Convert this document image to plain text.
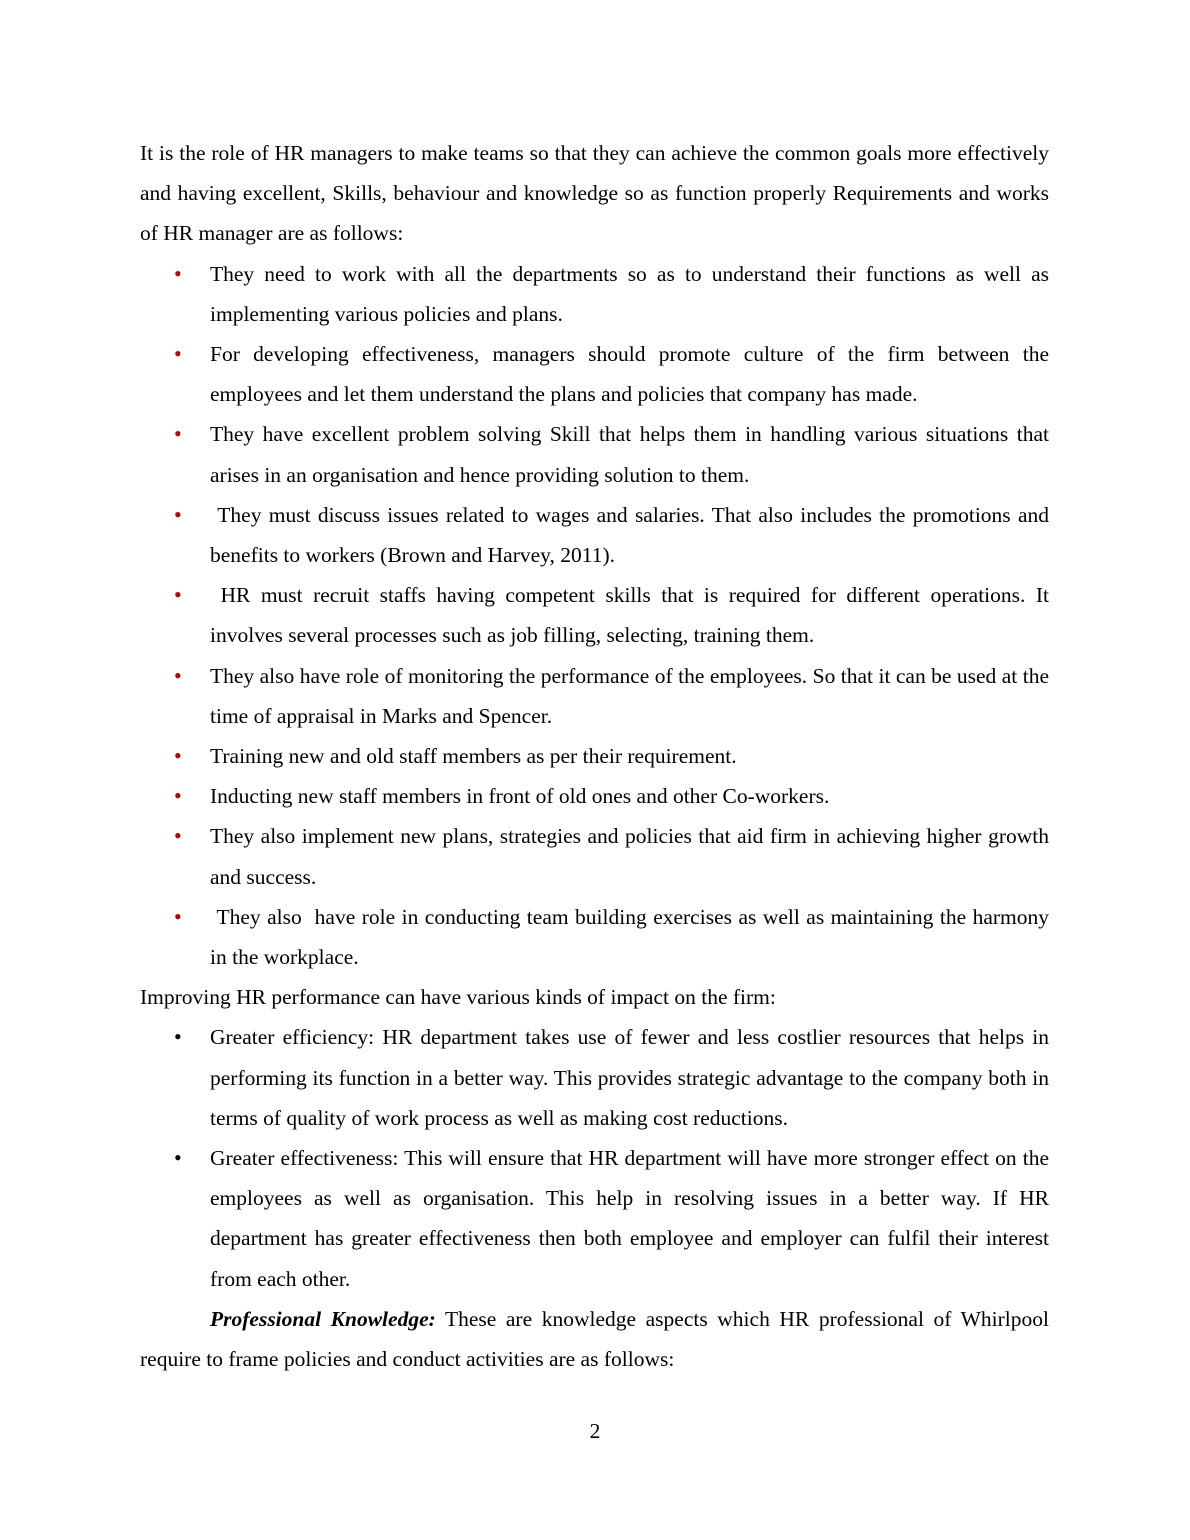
It is the role of HR managers to make teams so that they can achieve the common goals more effectively and having excellent, Skills, behaviour and knowledge so as function properly Requirements and works of HR manager are as follows:

• They need to work with all the departments so as to understand their functions as well as implementing various policies and plans.
• For developing effectiveness, managers should promote culture of the firm between the employees and let them understand the plans and policies that company has made.
• They have excellent problem solving Skill that helps them in handling various situations that arises in an organisation and hence providing solution to them.
• They must discuss issues related to wages and salaries. That also includes the promotions and benefits to workers (Brown and Harvey, 2011).
• HR must recruit staffs having competent skills that is required for different operations. It involves several processes such as job filling, selecting, training them.
• They also have role of monitoring the performance of the employees. So that it can be used at the time of appraisal in Marks and Spencer.
• Training new and old staff members as per their requirement.
• Inducting new staff members in front of old ones and other Co-workers.
• They also implement new plans, strategies and policies that aid firm in achieving higher growth and success.
• They also  have role in conducting team building exercises as well as maintaining the harmony in the workplace.

Improving HR performance can have various kinds of impact on the firm:

• Greater efficiency: HR department takes use of fewer and less costlier resources that helps in performing its function in a better way. This provides strategic advantage to the company both in terms of quality of work process as well as making cost reductions.
• Greater effectiveness: This will ensure that HR department will have more stronger effect on the employees as well as organisation. This help in resolving issues in a better way. If HR department has greater effectiveness then both employee and employer can fulfil their interest from each other.

Professional Knowledge: These are knowledge aspects which HR professional of Whirlpool require to frame policies and conduct activities are as follows:

2
